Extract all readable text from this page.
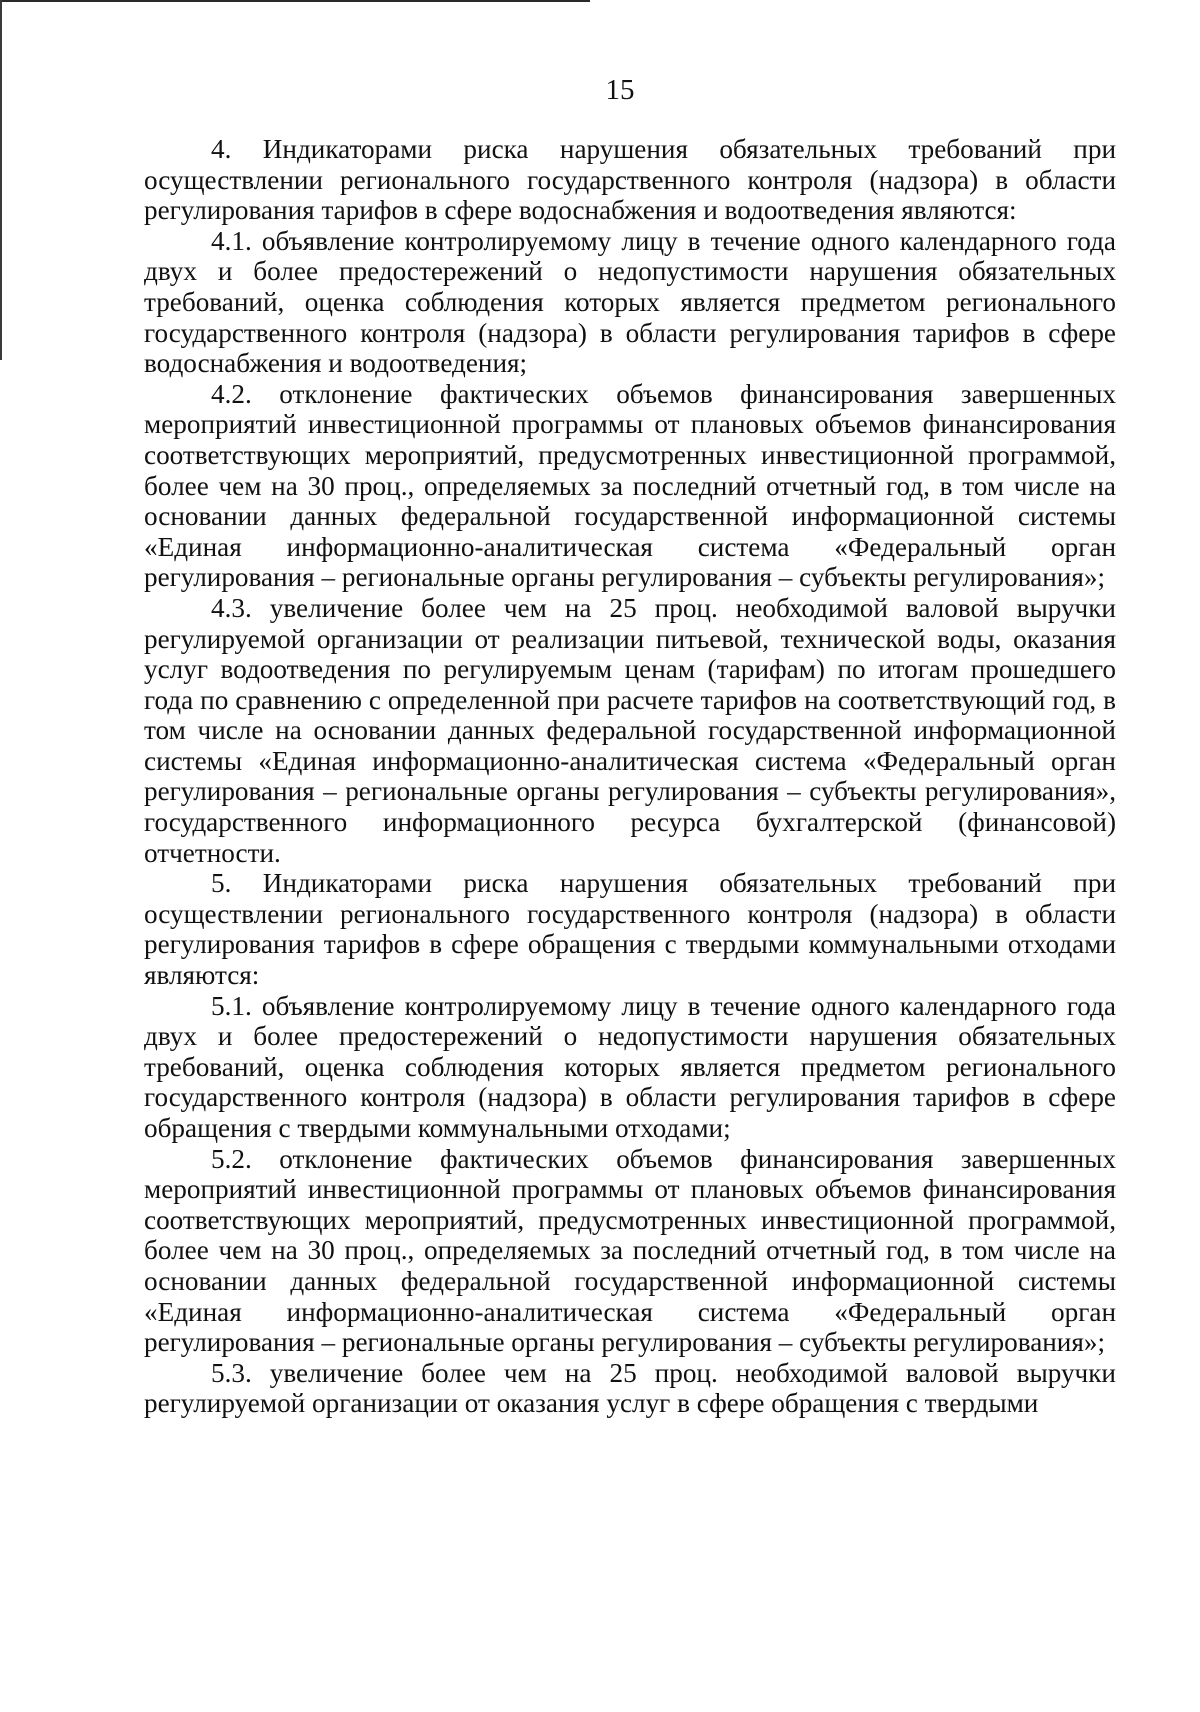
15

4. Индикаторами риска нарушения обязательных требований при осуществлении регионального государственного контроля (надзора) в области регулирования тарифов в сфере водоснабжения и водоотведения являются:

4.1. объявление контролируемому лицу в течение одного календарного года двух и более предостережений о недопустимости нарушения обязательных требований, оценка соблюдения которых является предметом регионального государственного контроля (надзора) в области регулирования тарифов в сфере водоснабжения и водоотведения;

4.2. отклонение фактических объемов финансирования завершенных мероприятий инвестиционной программы от плановых объемов финансирования соответствующих мероприятий, предусмотренных инвестиционной программой, более чем на 30 проц., определяемых за последний отчетный год, в том числе на основании данных федеральной государственной информационной системы «Единая информационно-аналитическая система «Федеральный орган регулирования – региональные органы регулирования – субъекты регулирования»;

4.3. увеличение более чем на 25 проц. необходимой валовой выручки регулируемой организации от реализации питьевой, технической воды, оказания услуг водоотведения по регулируемым ценам (тарифам) по итогам прошедшего года по сравнению с определенной при расчете тарифов на соответствующий год, в том числе на основании данных федеральной государственной информационной системы «Единая информационно-аналитическая система «Федеральный орган регулирования – региональные органы регулирования – субъекты регулирования», государственного информационного ресурса бухгалтерской (финансовой) отчетности.

5. Индикаторами риска нарушения обязательных требований при осуществлении регионального государственного контроля (надзора) в области регулирования тарифов в сфере обращения с твердыми коммунальными отходами являются:

5.1. объявление контролируемому лицу в течение одного календарного года двух и более предостережений о недопустимости нарушения обязательных требований, оценка соблюдения которых является предметом регионального государственного контроля (надзора) в области регулирования тарифов в сфере обращения с твердыми коммунальными отходами;

5.2. отклонение фактических объемов финансирования завершенных мероприятий инвестиционной программы от плановых объемов финансирования соответствующих мероприятий, предусмотренных инвестиционной программой, более чем на 30 проц., определяемых за последний отчетный год, в том числе на основании данных федеральной государственной информационной системы «Единая информационно-аналитическая система «Федеральный орган регулирования – региональные органы регулирования – субъекты регулирования»;

5.3. увеличение более чем на 25 проц. необходимой валовой выручки регулируемой организации от оказания услуг в сфере обращения с твердыми
